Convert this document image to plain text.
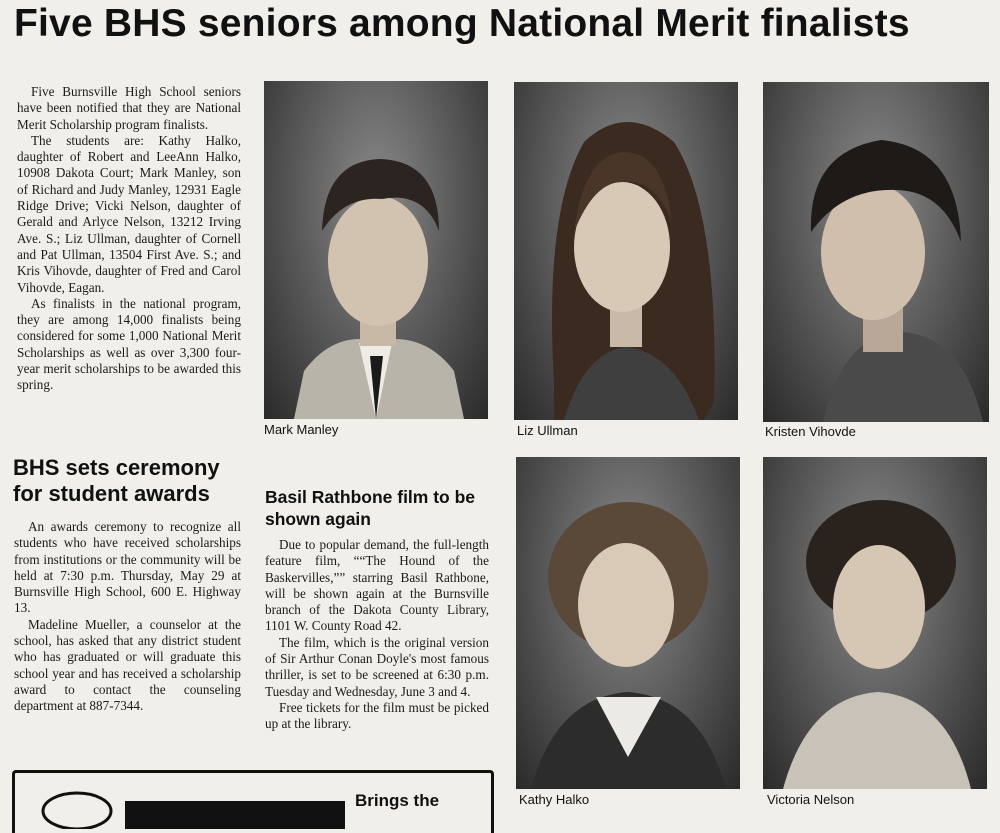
Five BHS seniors among National Merit finalists

Five Burnsville High School seniors have been notified that they are National Merit Scholarship program finalists.

The students are: Kathy Halko, daughter of Robert and LeeAnn Halko, 10908 Dakota Court; Mark Manley, son of Richard and Judy Manley, 12931 Eagle Ridge Drive; Vicki Nelson, daughter of Gerald and Arlyce Nelson, 13212 Irving Ave. S.; Liz Ullman, daughter of Cornell and Pat Ullman, 13504 First Ave. S.; and Kris Vihovde, daughter of Fred and Carol Vihovde, Eagan.

As finalists in the national program, they are among 14,000 finalists being considered for some 1,000 National Merit Scholarships as well as over 3,300 four-year merit scholarships to be awarded this spring.

BHS sets ceremony for student awards

An awards ceremony to recognize all students who have received scholarships from institutions or the community will be held at 7:30 p.m. Thursday, May 29 at Burnsville High School, 600 E. Highway 13.

Madeline Mueller, a counselor at the school, has asked that any district student who has graduated or will graduate this school year and has received a scholarship award to contact the counseling department at 887-7344.

Basil Rathbone film to be shown again

Due to popular demand, the full-length feature film, ““The Hound of the Baskervilles,”” starring Basil Rathbone, will be shown again at the Burnsville branch of the Dakota County Library, 1101 W. County Road 42.

The film, which is the original version of Sir Arthur Conan Doyle's most famous thriller, is set to be screened at 6:30 p.m. Tuesday and Wednesday, June 3 and 4.

Free tickets for the film must be picked up at the library.

Mark Manley	Liz Ullman	Kristen Vihovde
Kathy Halko	Victoria Nelson
Brings the
